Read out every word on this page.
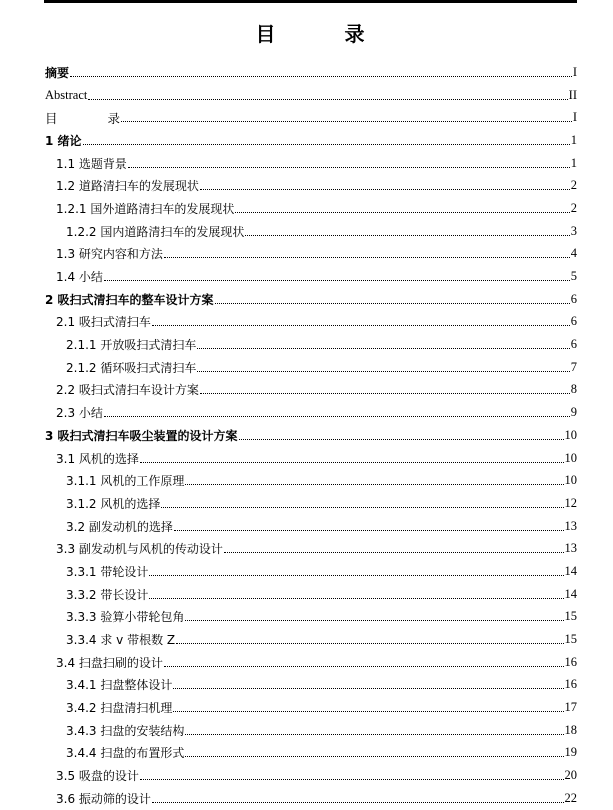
目	录
摘要	I
Abstract	II
目	录	I
1 绪论	1
1.1 选题背景	1
1.2 道路清扫车的发展现状	2
1.2.1 国外道路清扫车的发展现状	2
1.2.2 国内道路清扫车的发展现状	3
1.3 研究内容和方法	4
1.4 小结	5
2 吸扫式清扫车的整车设计方案	6
2.1 吸扫式清扫车	6
2.1.1 开放吸扫式清扫车	6
2.1.2 循环吸扫式清扫车	7
2.2 吸扫式清扫车设计方案	8
2.3 小结	9
3 吸扫式清扫车吸尘装置的设计方案	10
3.1 风机的选择	10
3.1.1 风机的工作原理	10
3.1.2 风机的选择	12
3.2 副发动机的选择	13
3.3 副发动机与风机的传动设计	13
3.3.1 带轮设计	14
3.3.2 带长设计	14
3.3.3 验算小带轮包角	15
3.3.4 求 v 带根数 Z	15
3.4 扫盘扫刷的设计	16
3.4.1 扫盘整体设计	16
3.4.2 扫盘清扫机理	17
3.4.3 扫盘的安装结构	18
3.4.4 扫盘的布置形式	19
3.5 吸盘的设计	20
3.6 振动筛的设计	22
